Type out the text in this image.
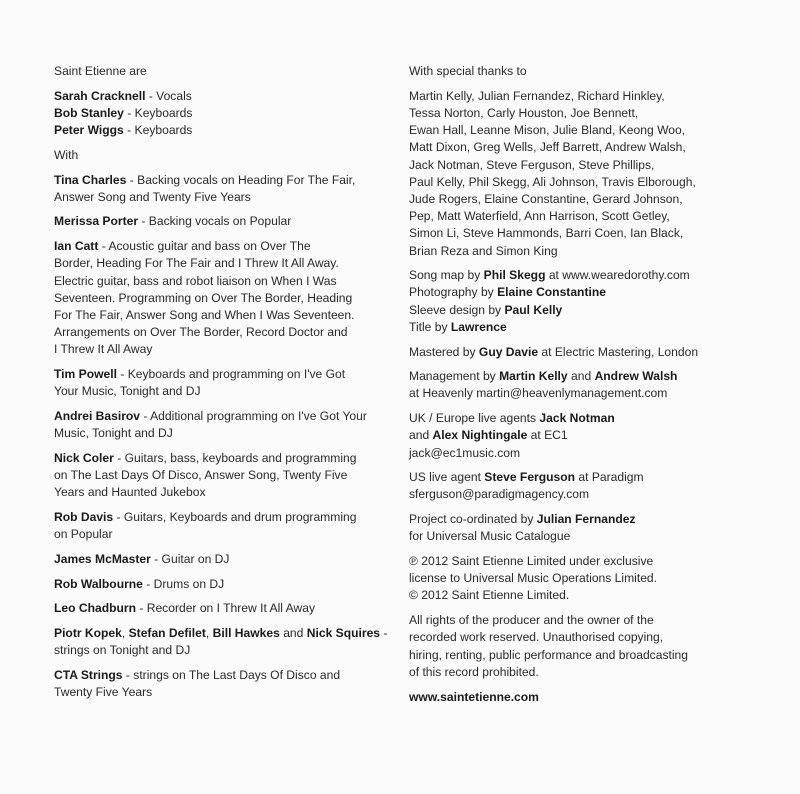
Saint Etienne are
Sarah Cracknell - Vocals
Bob Stanley - Keyboards
Peter Wiggs - Keyboards
With
Tina Charles - Backing vocals on Heading For The Fair,
Answer Song and Twenty Five Years
Merissa Porter - Backing vocals on Popular
Ian Catt - Acoustic guitar and bass on Over The
Border, Heading For The Fair and I Threw It All Away.
Electric guitar, bass and robot liaison on When I Was
Seventeen. Programming on Over The Border, Heading
For The Fair, Answer Song and When I Was Seventeen.
Arrangements on Over The Border, Record Doctor and
I Threw It All Away
Tim Powell - Keyboards and programming on I've Got
Your Music, Tonight and DJ
Andrei Basirov - Additional programming on I've Got Your
Music, Tonight and DJ
Nick Coler - Guitars, bass, keyboards and programming
on The Last Days Of Disco, Answer Song, Twenty Five
Years and Haunted Jukebox
Rob Davis - Guitars, Keyboards and drum programming
on Popular
James McMaster - Guitar on DJ
Rob Walbourne - Drums on DJ
Leo Chadburn - Recorder on I Threw It All Away
Piotr Kopek, Stefan Defilet, Bill Hawkes and Nick Squires -
strings on Tonight and DJ
CTA Strings - strings on The Last Days Of Disco and
Twenty Five Years
With special thanks to
Martin Kelly, Julian Fernandez, Richard Hinkley,
Tessa Norton, Carly Houston, Joe Bennett,
Ewan Hall, Leanne Mison, Julie Bland, Keong Woo,
Matt Dixon, Greg Wells, Jeff Barrett, Andrew Walsh,
Jack Notman, Steve Ferguson, Steve Phillips,
Paul Kelly, Phil Skegg, Ali Johnson, Travis Elborough,
Jude Rogers, Elaine Constantine, Gerard Johnson,
Pep, Matt Waterfield, Ann Harrison, Scott Getley,
Simon Li, Steve Hammonds, Barri Coen, Ian Black,
Brian Reza and Simon King
Song map by Phil Skegg at www.wearedorothy.com
Photography by Elaine Constantine
Sleeve design by Paul Kelly
Title by Lawrence
Mastered by Guy Davie at Electric Mastering, London
Management by Martin Kelly and Andrew Walsh
at Heavenly martin@heavenlymanagement.com
UK / Europe live agents Jack Notman
and Alex Nightingale at EC1
jack@ec1music.com
US live agent Steve Ferguson at Paradigm
sferguson@paradigmagency.com
Project co-ordinated by Julian Fernandez
for Universal Music Catalogue
℗ 2012 Saint Etienne Limited under exclusive
license to Universal Music Operations Limited.
© 2012 Saint Etienne Limited.
All rights of the producer and the owner of the
recorded work reserved. Unauthorised copying,
hiring, renting, public performance and broadcasting
of this record prohibited.
www.saintetienne.com
